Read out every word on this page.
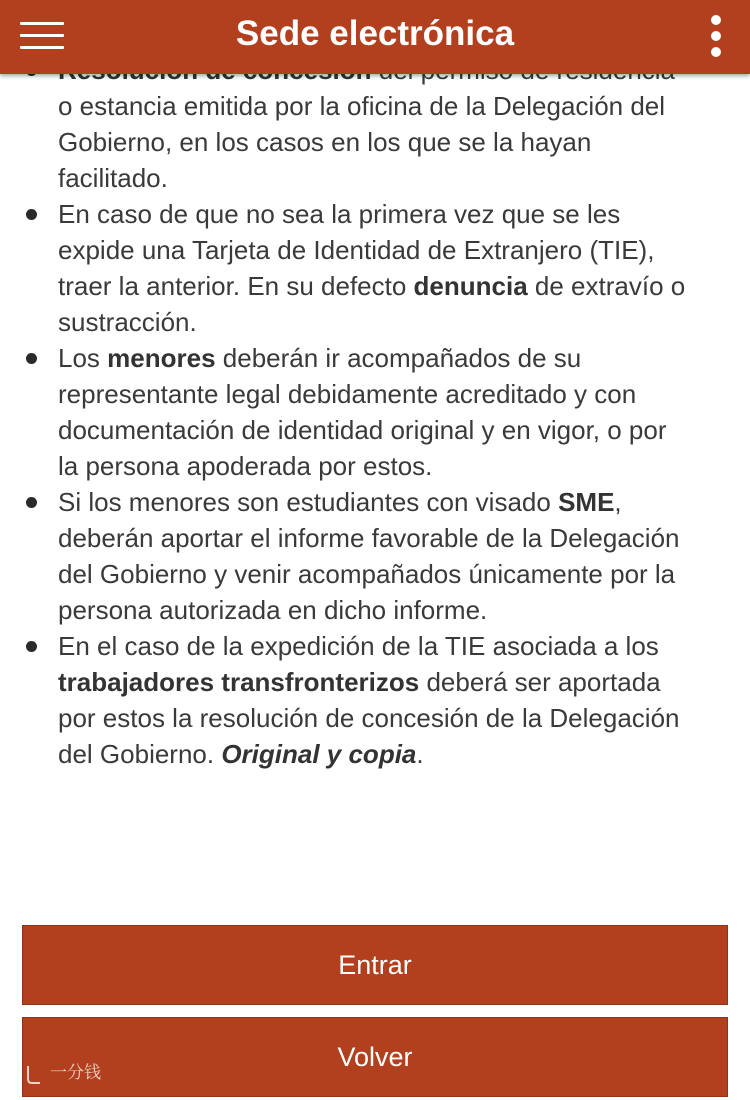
o estancia emitida por la oficina de la Delegación del Gobierno, en los casos en los que se la hayan facilitado.
En caso de que no sea la primera vez que se les expide una Tarjeta de Identidad de Extranjero (TIE), traer la anterior. En su defecto denuncia de extravío o sustracción.
Los menores deberán ir acompañados de su representante legal debidamente acreditado y con documentación de identidad original y en vigor, o por la persona apoderada por estos.
Si los menores son estudiantes con visado SME, deberán aportar el informe favorable de la Delegación del Gobierno y venir acompañados únicamente por la persona autorizada en dicho informe.
En el caso de la expedición de la TIE asociada a los trabajadores transfronterizos deberá ser aportada por estos la resolución de concesión de la Delegación del Gobierno. Original y copia.
Sede electrónica
Entrar
Volver
一分钱
